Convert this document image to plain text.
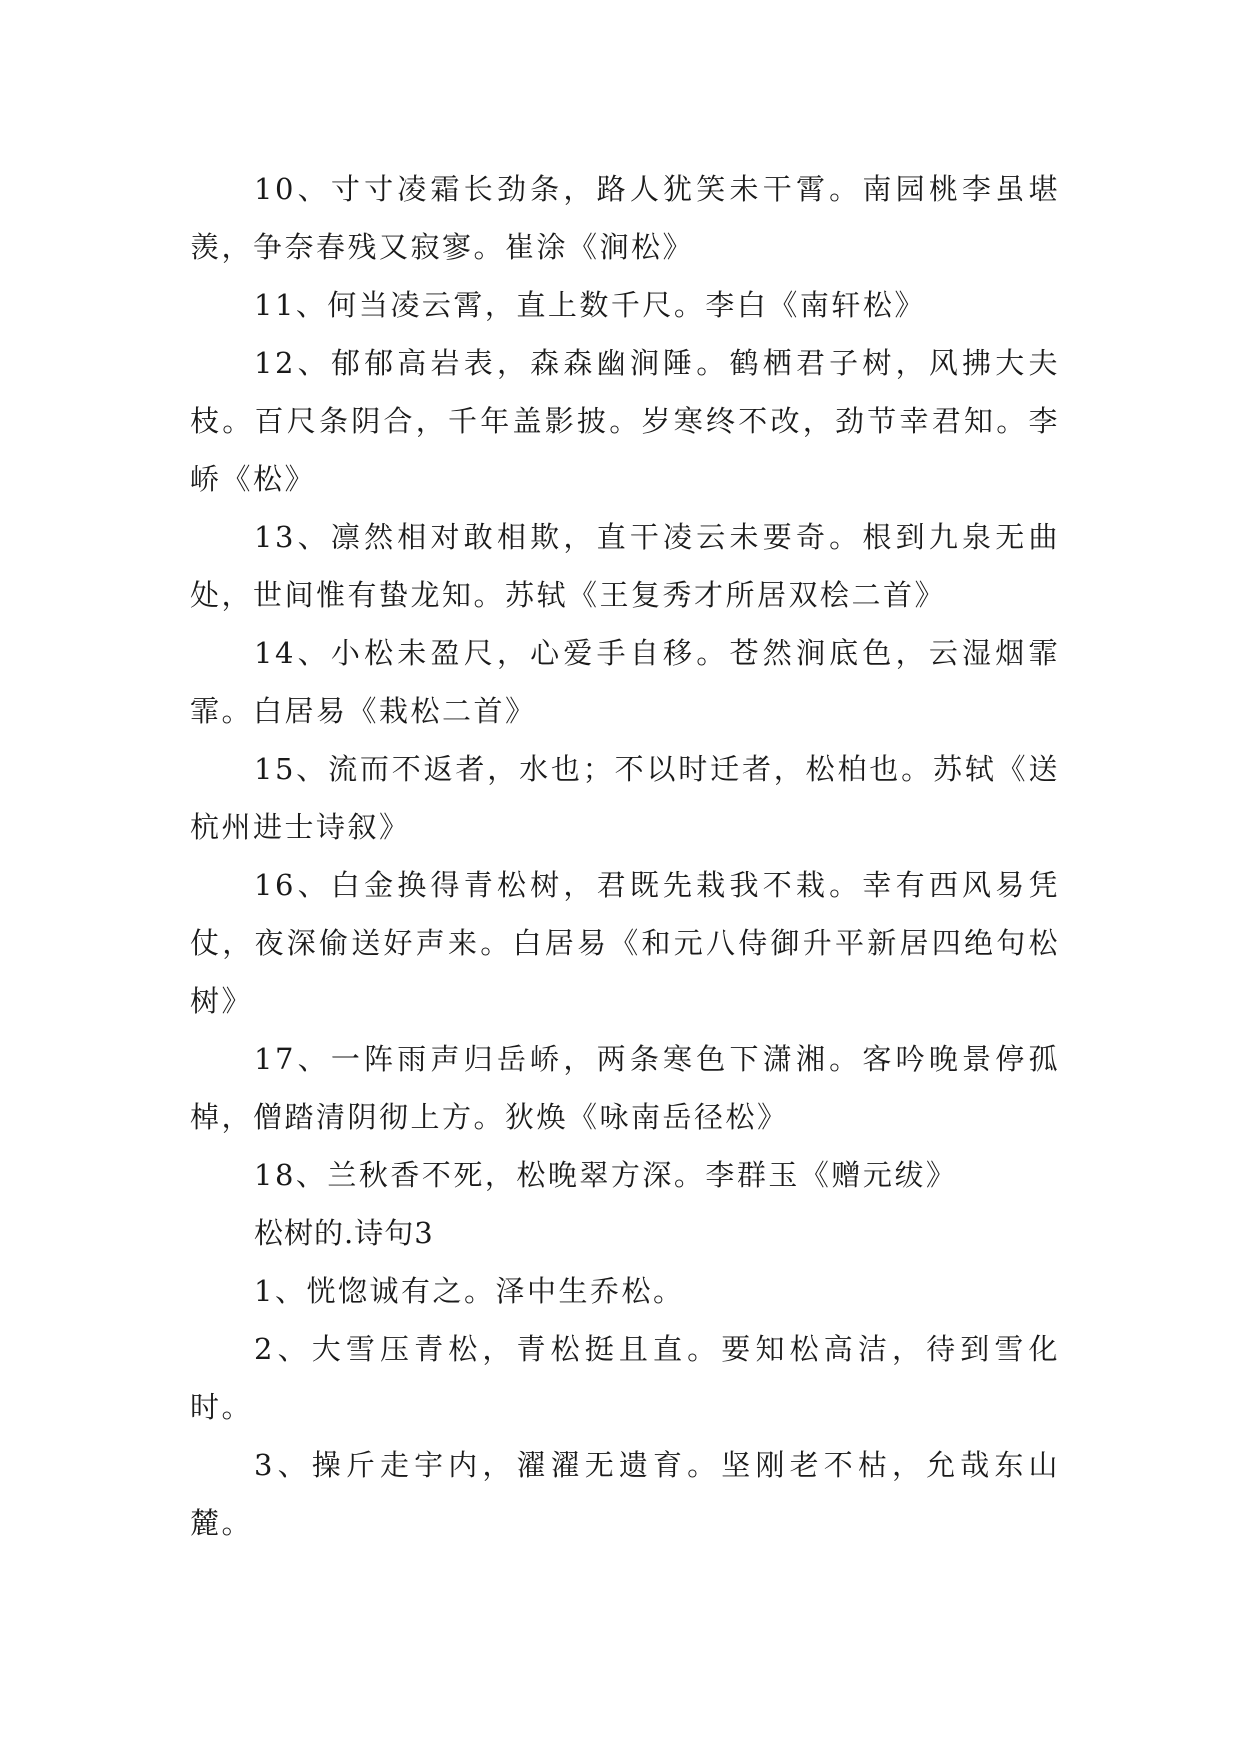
10、寸寸凌霜长劲条，路人犹笑未干霄。南园桃李虽堪羡，争奈春残又寂寥。崔涂《涧松》

11、何当凌云霄，直上数千尺。李白《南轩松》

12、郁郁高岩表，森森幽涧陲。鹤栖君子树，风拂大夫枝。百尺条阴合，千年盖影披。岁寒终不改，劲节幸君知。李峤《松》

13、凛然相对敢相欺，直干凌云未要奇。根到九泉无曲处，世间惟有蛰龙知。苏轼《王复秀才所居双桧二首》

14、小松未盈尺，心爱手自移。苍然涧底色，云湿烟霏霏。白居易《栽松二首》

15、流而不返者，水也；不以时迁者，松柏也。苏轼《送杭州进士诗叙》

16、白金换得青松树，君既先栽我不栽。幸有西风易凭仗，夜深偷送好声来。白居易《和元八侍御升平新居四绝句松树》

17、一阵雨声归岳峤，两条寒色下潇湘。客吟晚景停孤棹，僧踏清阴彻上方。狄焕《咏南岳径松》

18、兰秋香不死，松晚翠方深。李群玉《赠元绂》

松树的.诗句3

1、恍惚诚有之。泽中生乔松。

2、大雪压青松，青松挺且直。要知松高洁，待到雪化时。

3、操斤走宇内，濯濯无遗育。坚刚老不枯，允哉东山麓。
